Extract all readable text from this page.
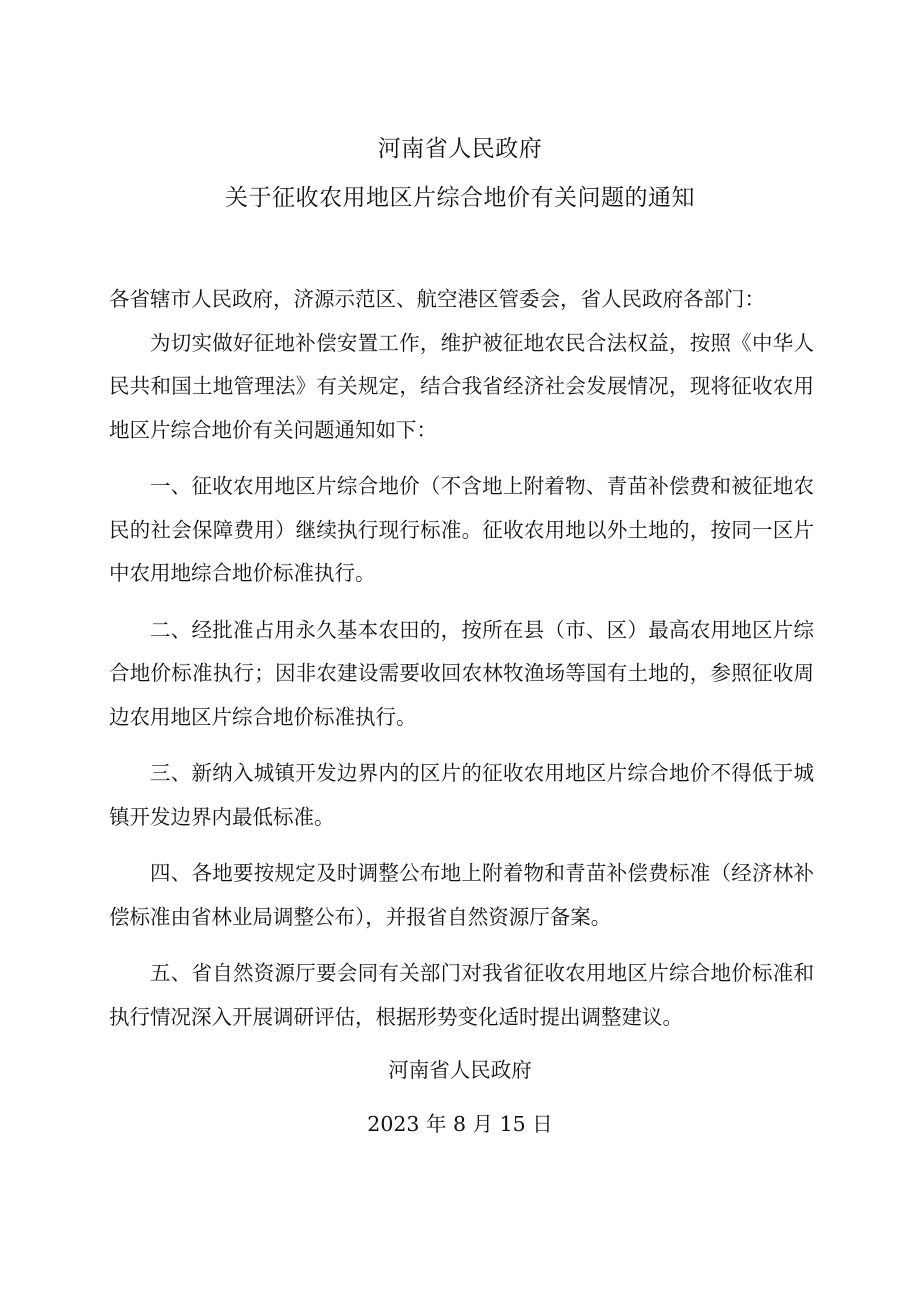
河南省人民政府
关于征收农用地区片综合地价有关问题的通知

各省辖市人民政府，济源示范区、航空港区管委会，省人民政府各部门：

为切实做好征地补偿安置工作，维护被征地农民合法权益，按照《中华人民共和国土地管理法》有关规定，结合我省经济社会发展情况，现将征收农用地区片综合地价有关问题通知如下：

一、征收农用地区片综合地价（不含地上附着物、青苗补偿费和被征地农民的社会保障费用）继续执行现行标准。征收农用地以外土地的，按同一区片中农用地综合地价标准执行。

二、经批准占用永久基本农田的，按所在县（市、区）最高农用地区片综合地价标准执行；因非农建设需要收回农林牧渔场等国有土地的，参照征收周边农用地区片综合地价标准执行。

三、新纳入城镇开发边界内的区片的征收农用地区片综合地价不得低于城镇开发边界内最低标准。

四、各地要按规定及时调整公布地上附着物和青苗补偿费标准（经济林补偿标准由省林业局调整公布），并报省自然资源厅备案。

五、省自然资源厅要会同有关部门对我省征收农用地区片综合地价标准和执行情况深入开展调研评估，根据形势变化适时提出调整建议。

河南省人民政府
2023 年 8 月 15 日
